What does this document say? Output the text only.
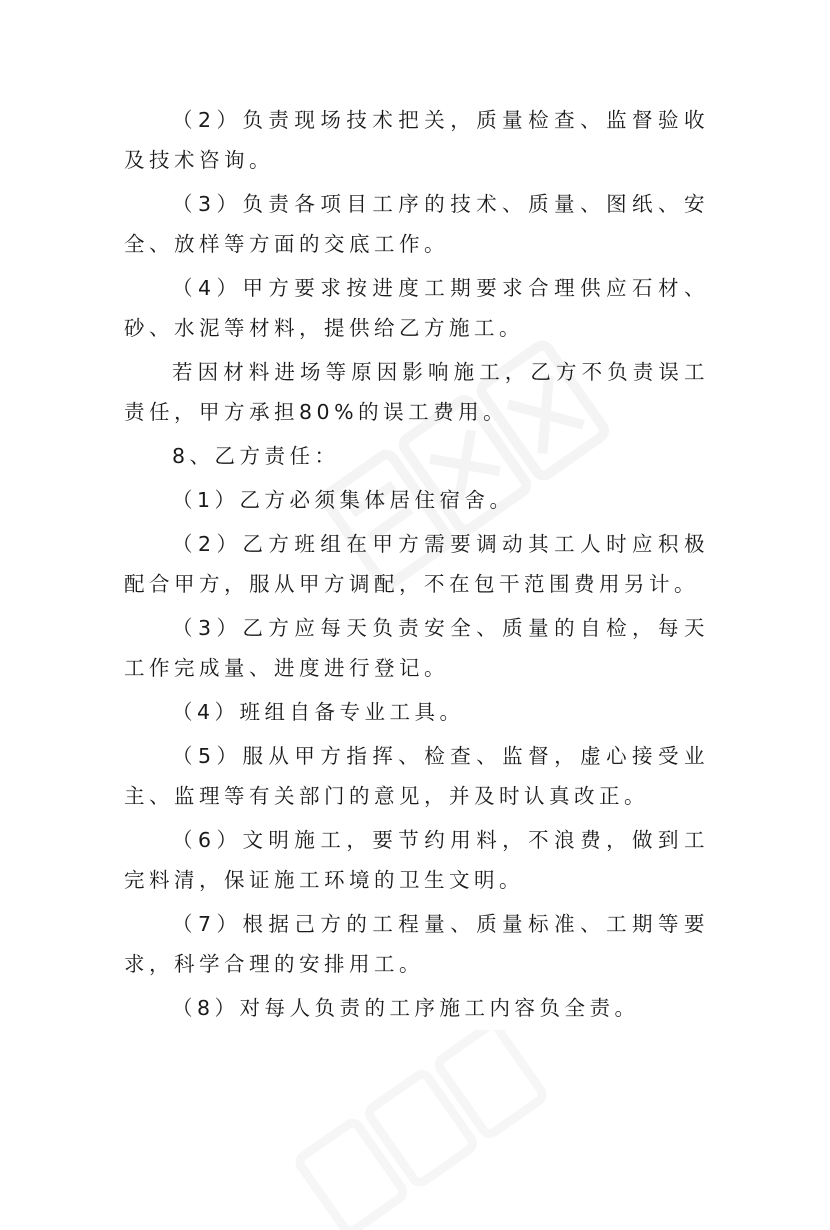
（2）负责现场技术把关，质量检查、监督验收及技术咨询。

（3）负责各项目工序的技术、质量、图纸、安全、放样等方面的交底工作。

（4）甲方要求按进度工期要求合理供应石材、砂、水泥等材料，提供给乙方施工。

若因材料进场等原因影响施工，乙方不负责误工责任，甲方承担80%的误工费用。

8、乙方责任：

（1）乙方必须集体居住宿舍。

（2）乙方班组在甲方需要调动其工人时应积极配合甲方，服从甲方调配，不在包干范围费用另计。

（3）乙方应每天负责安全、质量的自检，每天工作完成量、进度进行登记。

（4）班组自备专业工具。

（5）服从甲方指挥、检查、监督，虚心接受业主、监理等有关部门的意见，并及时认真改正。

（6）文明施工，要节约用料，不浪费，做到工完料清，保证施工环境的卫生文明。

（7）根据己方的工程量、质量标准、工期等要求，科学合理的安排用工。

（8）对每人负责的工序施工内容负全责。
